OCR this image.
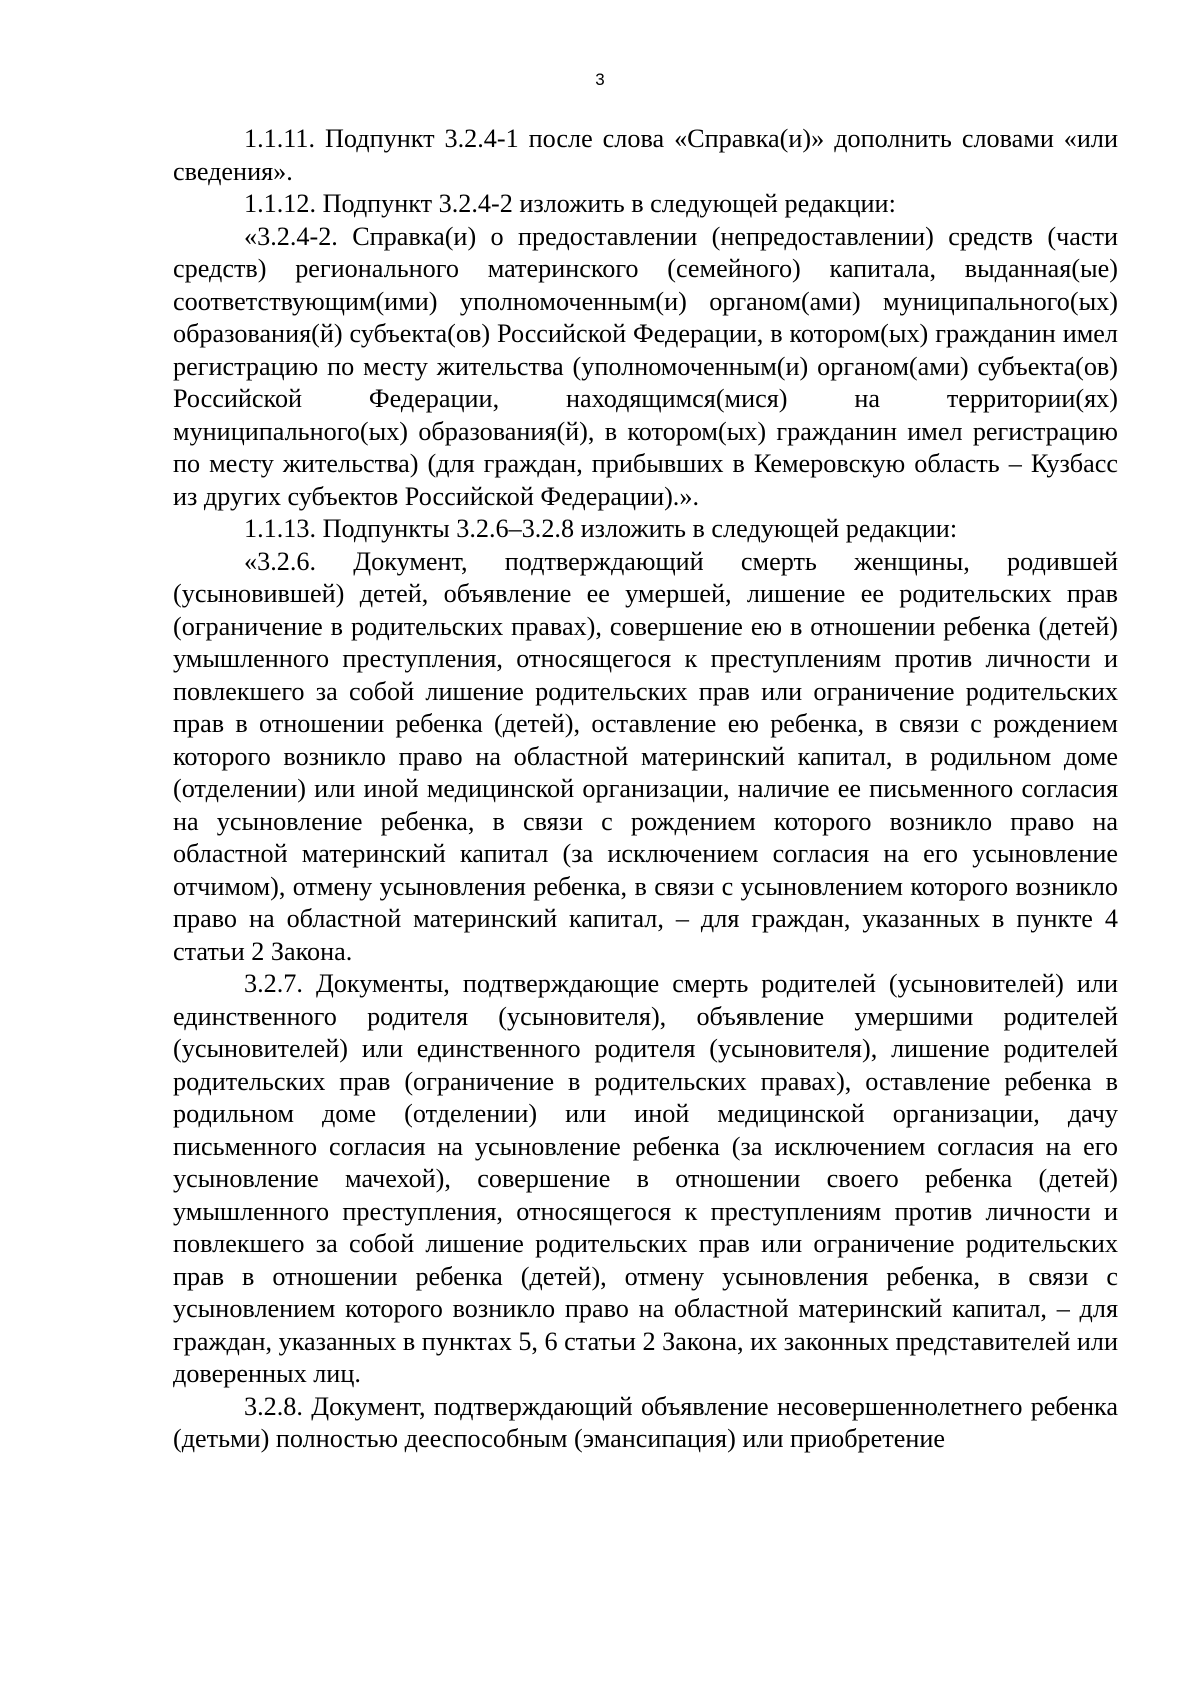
3

1.1.11. Подпункт 3.2.4-1 после слова «Справка(и)» дополнить словами «или сведения».

1.1.12. Подпункт 3.2.4-2 изложить в следующей редакции:

«3.2.4-2. Справка(и) о предоставлении (непредоставлении) средств (части средств) регионального материнского (семейного) капитала, выданная(ые) соответствующим(ими) уполномоченным(и) органом(ами) муниципального(ых) образования(й) субъекта(ов) Российской Федерации, в котором(ых) гражданин имел регистрацию по месту жительства (уполномоченным(и) органом(ами) субъекта(ов) Российской Федерации, находящимся(мися) на территории(ях) муниципального(ых) образования(й), в котором(ых) гражданин имел регистрацию по месту жительства) (для граждан, прибывших в Кемеровскую область – Кузбасс из других субъектов Российской Федерации).».

1.1.13. Подпункты 3.2.6–3.2.8 изложить в следующей редакции:

«3.2.6. Документ, подтверждающий смерть женщины, родившей (усыновившей) детей, объявление ее умершей, лишение ее родительских прав (ограничение в родительских правах), совершение ею в отношении ребенка (детей) умышленного преступления, относящегося к преступлениям против личности и повлекшего за собой лишение родительских прав или ограничение родительских прав в отношении ребенка (детей), оставление ею ребенка, в связи с рождением которого возникло право на областной материнский капитал, в родильном доме (отделении) или иной медицинской организации, наличие ее письменного согласия на усыновление ребенка, в связи с рождением которого возникло право на областной материнский капитал (за исключением согласия на его усыновление отчимом), отмену усыновления ребенка, в связи с усыновлением которого возникло право на областной материнский капитал, – для граждан, указанных в пункте 4 статьи 2 Закона.

3.2.7. Документы, подтверждающие смерть родителей (усыновителей) или единственного родителя (усыновителя), объявление умершими родителей (усыновителей) или единственного родителя (усыновителя), лишение родителей родительских прав (ограничение в родительских правах), оставление ребенка в родильном доме (отделении) или иной медицинской организации, дачу письменного согласия на усыновление ребенка (за исключением согласия на его усыновление мачехой), совершение в отношении своего ребенка (детей) умышленного преступления, относящегося к преступлениям против личности и повлекшего за собой лишение родительских прав или ограничение родительских прав в отношении ребенка (детей), отмену усыновления ребенка, в связи с усыновлением которого возникло право на областной материнский капитал, – для граждан, указанных в пунктах 5, 6 статьи 2 Закона, их законных представителей или доверенных лиц.

3.2.8. Документ, подтверждающий объявление несовершеннолетнего ребенка (детьми) полностью дееспособным (эмансипация) или приобретение
